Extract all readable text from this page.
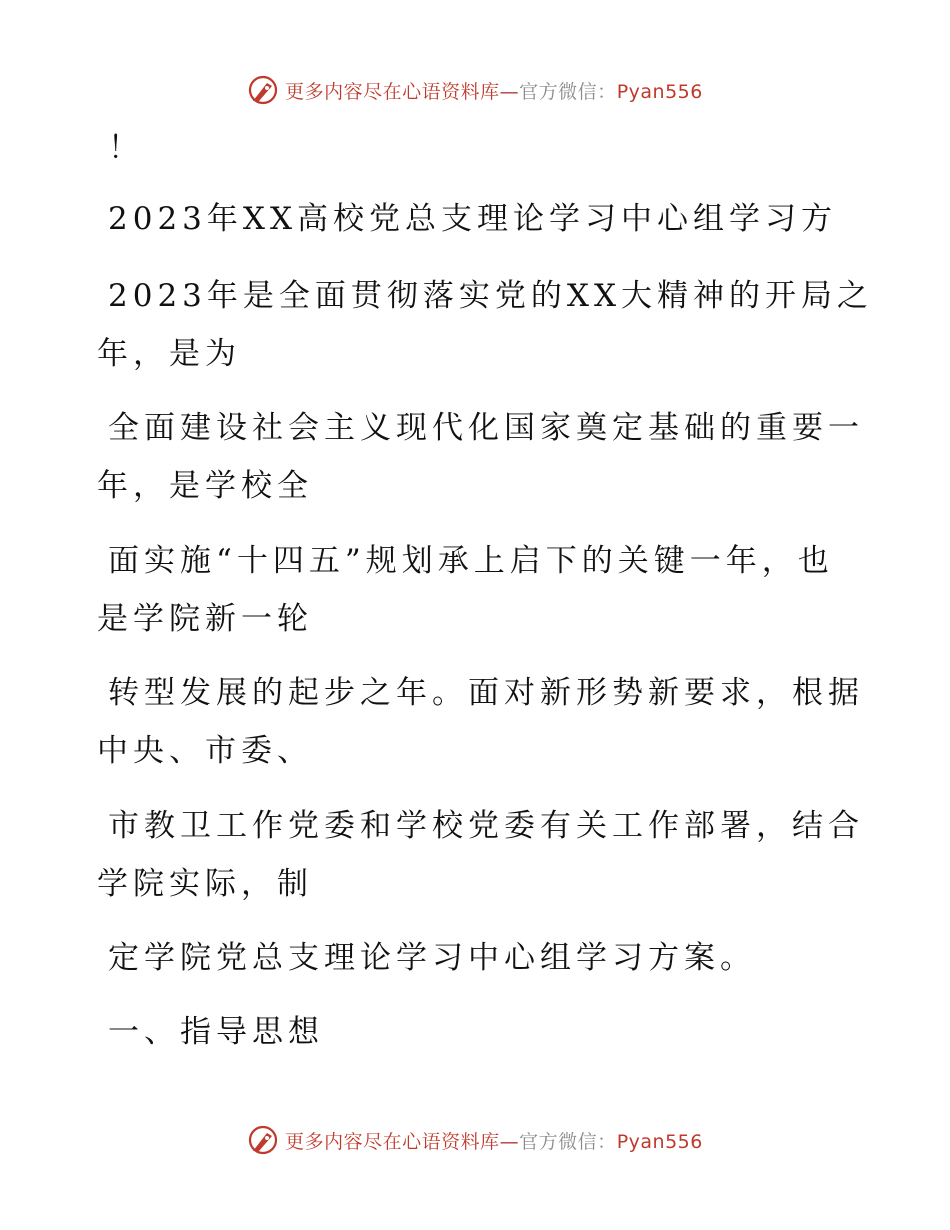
更多内容尽在心语资料库—官方微信：Pyan556
！
2023年XX高校党总支理论学习中心组学习方
2023年是全面贯彻落实党的XX大精神的开局之
年，是为
全面建设社会主义现代化国家奠定基础的重要一
年，是学校全
面实施“十四五”规划承上启下的关键一年，也
是学院新一轮
转型发展的起步之年。面对新形势新要求，根据
中央、市委、
市教卫工作党委和学校党委有关工作部署，结合
学院实际，制
定学院党总支理论学习中心组学习方案。
一、指导思想
更多内容尽在心语资料库—官方微信：Pyan556
